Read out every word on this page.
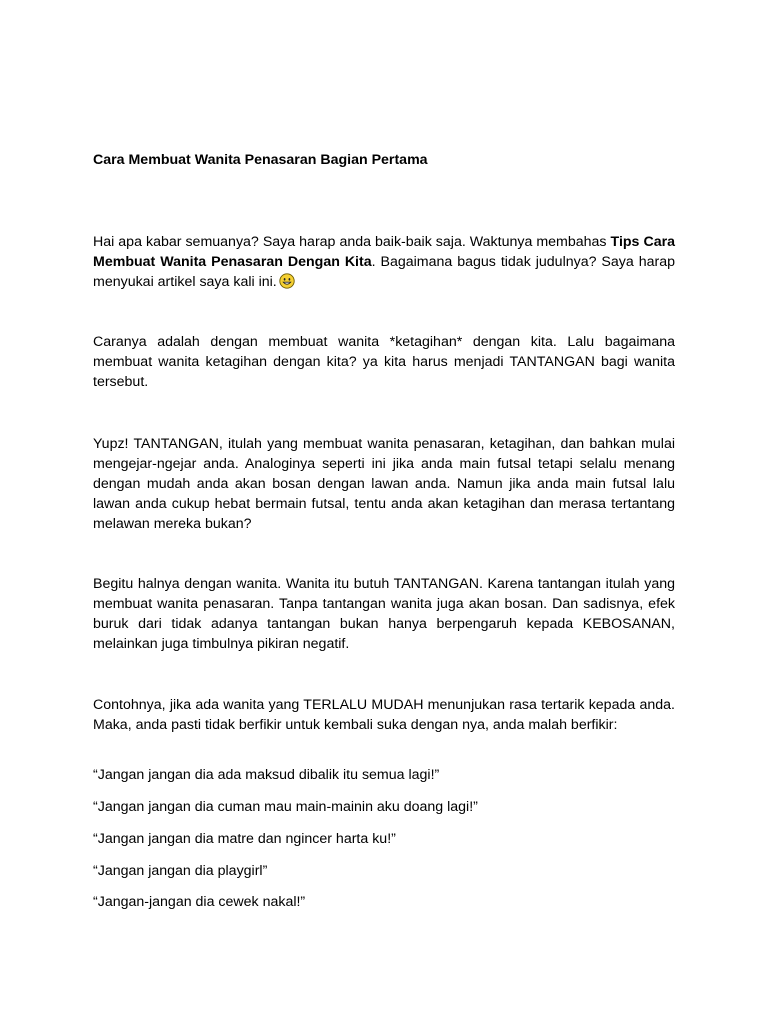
Cara Membuat Wanita Penasaran Bagian Pertama

Hai apa kabar semuanya? Saya harap anda baik-baik saja. Waktunya membahas Tips Cara Membuat Wanita Penasaran Dengan Kita. Bagaimana bagus tidak judulnya? Saya harap menyukai artikel saya kali ini.

Caranya adalah dengan membuat wanita *ketagihan* dengan kita. Lalu bagaimana membuat wanita ketagihan dengan kita? ya kita harus menjadi TANTANGAN bagi wanita tersebut.

Yupz! TANTANGAN, itulah yang membuat wanita penasaran, ketagihan, dan bahkan mulai mengejar-ngejar anda. Analoginya seperti ini jika anda main futsal tetapi selalu menang dengan mudah anda akan bosan dengan lawan anda. Namun jika anda main futsal lalu lawan anda cukup hebat bermain futsal, tentu anda akan ketagihan dan merasa tertantang melawan mereka bukan?

Begitu halnya dengan wanita. Wanita itu butuh TANTANGAN. Karena tantangan itulah yang membuat wanita penasaran. Tanpa tantangan wanita juga akan bosan. Dan sadisnya, efek buruk dari tidak adanya tantangan bukan hanya berpengaruh kepada KEBOSANAN, melainkan juga timbulnya pikiran negatif.

Contohnya, jika ada wanita yang TERLALU MUDAH menunjukan rasa tertarik kepada anda. Maka, anda pasti tidak berfikir untuk kembali suka dengan nya, anda malah berfikir:

“Jangan jangan dia ada maksud dibalik itu semua lagi!”

“Jangan jangan dia cuman mau main-mainin aku doang lagi!”

“Jangan jangan dia matre dan ngincer harta ku!”

“Jangan jangan dia playgirl”

“Jangan-jangan dia cewek nakal!”
